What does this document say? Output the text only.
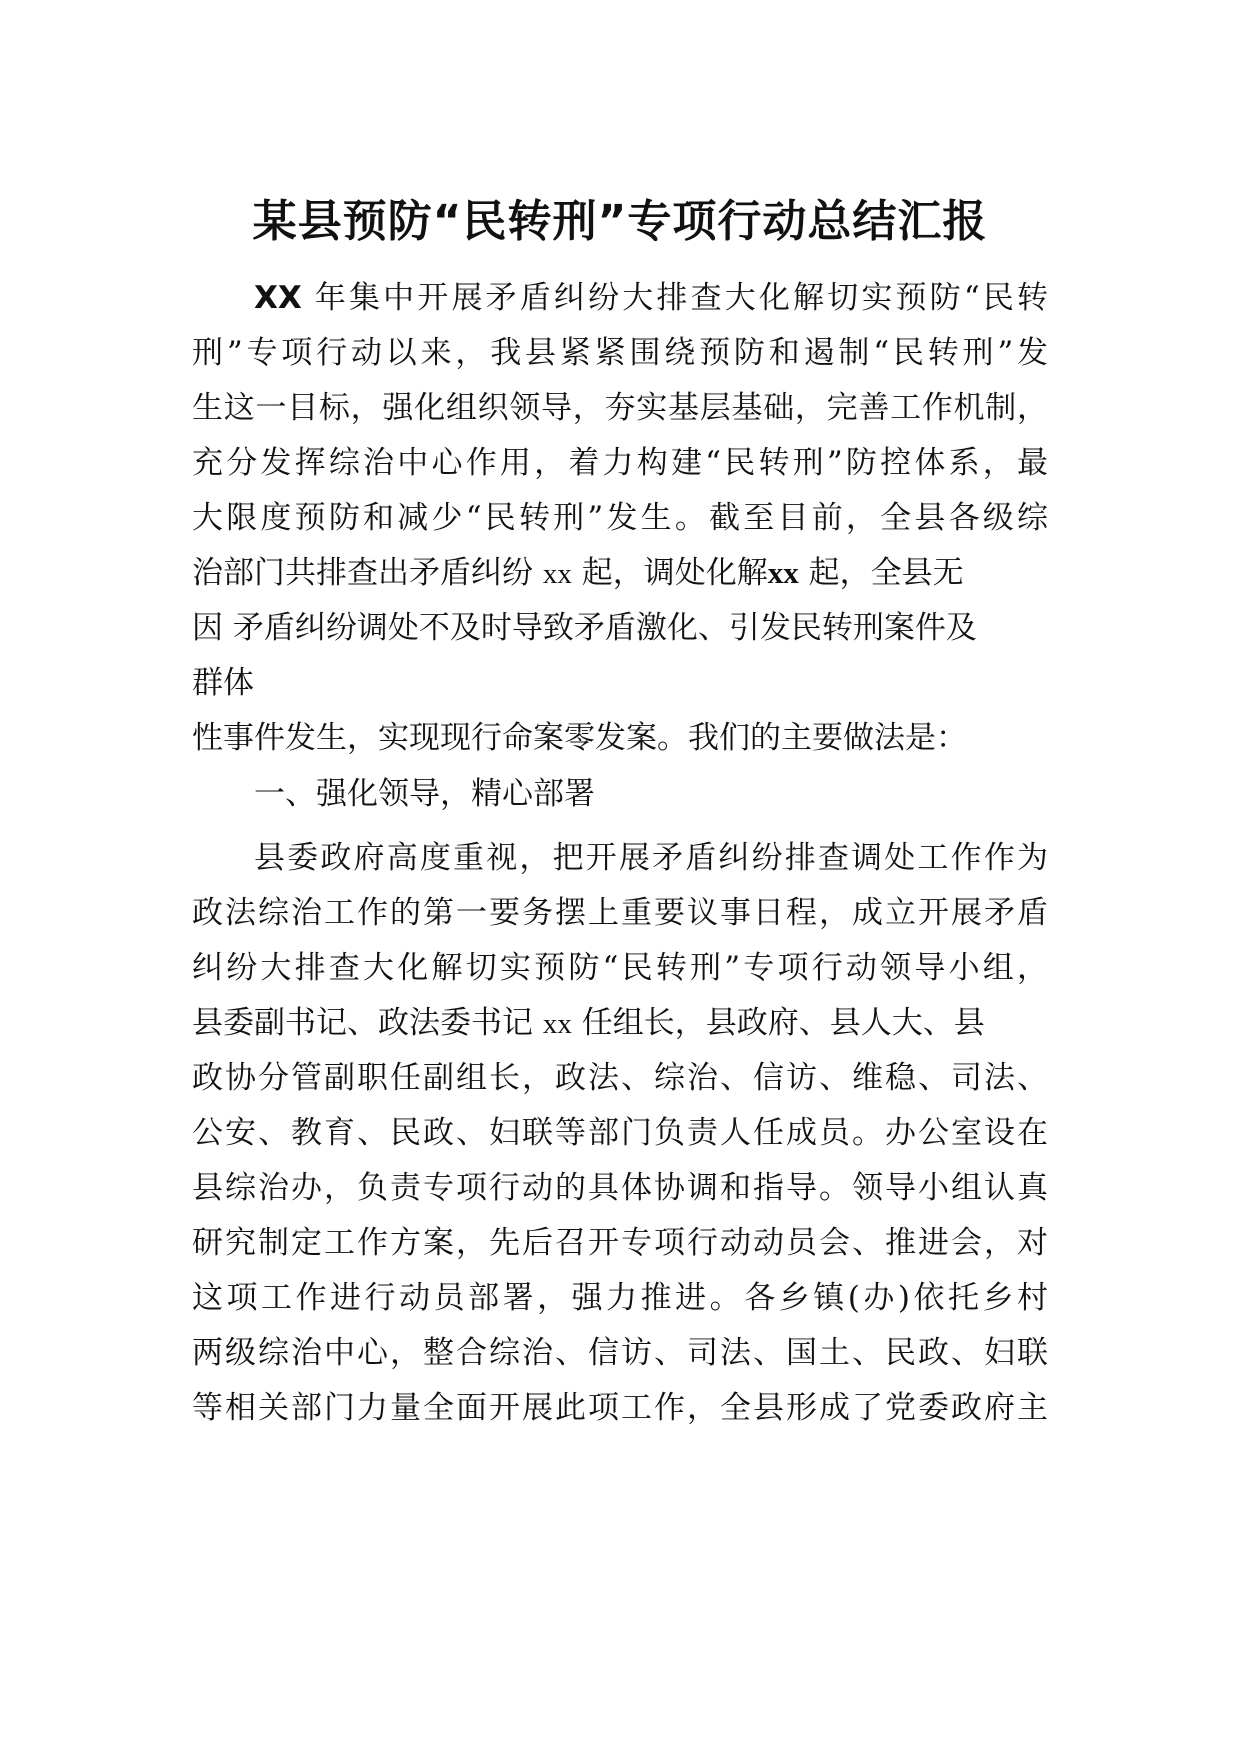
某县预防“民转刑”专项行动总结汇报
XX 年集中开展矛盾纠纷大排查大化解切实预防“民转
刑”专项行动以来，我县紧紧围绕预防和遏制“民转刑”发
生这一目标，强化组织领导，夯实基层基础，完善工作机制，
充分发挥综治中心作用，着力构建“民转刑”防控体系，最
大限度预防和减少“民转刑”发生。截至目前，全县各级综
治部门共排查出矛盾纠纷 xx 起，调处化解xx 起，全县无
因 矛盾纠纷调处不及时导致矛盾激化、引发民转刑案件及
群体
性事件发生，实现现行命案零发案。我们的主要做法是：
一、强化领导，精心部署
县委政府高度重视，把开展矛盾纠纷排查调处工作作为
政法综治工作的第一要务摆上重要议事日程，成立开展矛盾
纠纷大排查大化解切实预防“民转刑”专项行动领导小组，
县委副书记、政法委书记 xx 任组长，县政府、县人大、县
政协分管副职任副组长，政法、综治、信访、维稳、司法、
公安、教育、民政、妇联等部门负责人任成员。办公室设在
县综治办，负责专项行动的具体协调和指导。领导小组认真
研究制定工作方案，先后召开专项行动动员会、推进会，对
这项工作进行动员部署，强力推进。各乡镇(办)依托乡村
两级综治中心，整合综治、信访、司法、国土、民政、妇联
等相关部门力量全面开展此项工作，全县形成了党委政府主
